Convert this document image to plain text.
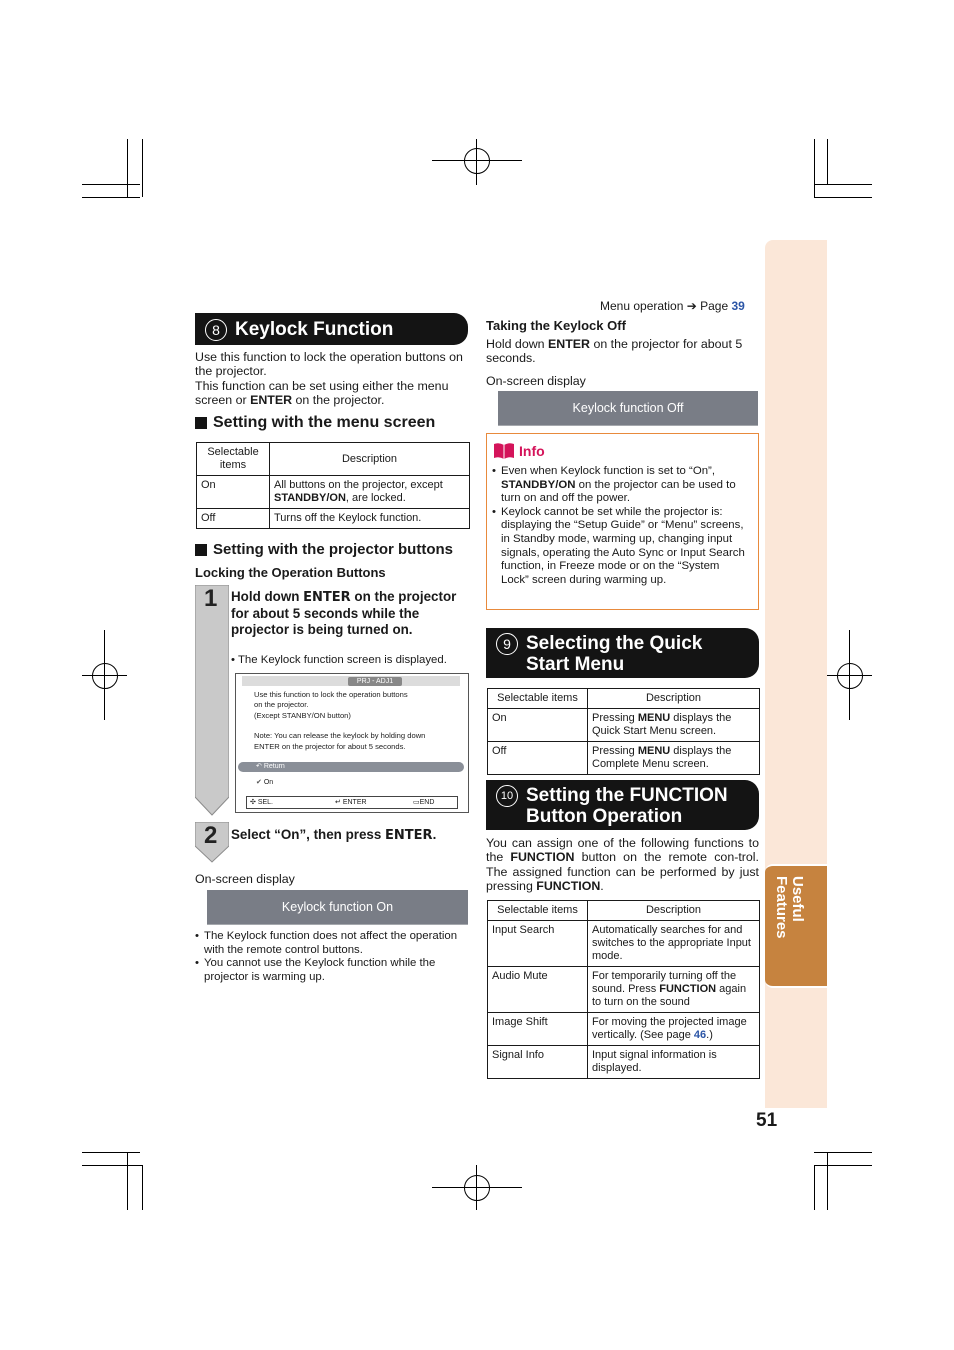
Useful Features
51
Menu operation ➔ Page 39
8 Keylock Function
Use this function to lock the operation buttons on the projector.
This function can be set using either the menu screen or ENTER on the projector.
Setting with the menu screen
Selectable items	Description
On	All buttons on the projector, except STANDBY/ON, are locked.
Off	Turns off the Keylock function.
Setting with the projector buttons
Locking the Operation Buttons
1 Hold down ENTER on the projector for about 5 seconds while the projector is being turned on.
• The Keylock function screen is displayed.
PRJ - ADJ1
Use this function to lock the operation buttons
on the projector.
(Except STANBY/ON button)
Note: You can release the keylock by holding down
ENTER on the projector for about 5 seconds.
↶ Return
✔ On
✣ SEL.	↵ ENTER	▭END
2 Select “On”, then press ENTER.
On-screen display
Keylock function On
• The Keylock function does not affect the operation with the remote control buttons.
• You cannot use the Keylock function while the projector is warming up.
Taking the Keylock Off
Hold down ENTER on the projector for about 5 seconds.
On-screen display
Keylock function Off
Info
• Even when Keylock function is set to “On”, STANDBY/ON on the projector can be used to turn on and off the power.
• Keylock cannot be set while the projector is: displaying the “Setup Guide” or “Menu” screens, in Standby mode, warming up, changing input signals, operating the Auto Sync or Input Search function, in Freeze mode or on the “System Lock” screen during warming up.
9 Selecting the Quick Start Menu
Selectable items	Description
On	Pressing MENU displays the Quick Start Menu screen.
Off	Pressing MENU displays the Complete Menu screen.
10 Setting the FUNCTION Button Operation
You can assign one of the following functions to the FUNCTION button on the remote con-trol. The assigned function can be performed by just pressing FUNCTION.
Selectable items	Description
Input Search	Automatically searches for and switches to the appropriate Input mode.
Audio Mute	For temporarily turning off the sound. Press FUNCTION again to turn on the sound
Image Shift	For moving the projected image vertically. (See page 46.)
Signal Info	Input signal information is displayed.
